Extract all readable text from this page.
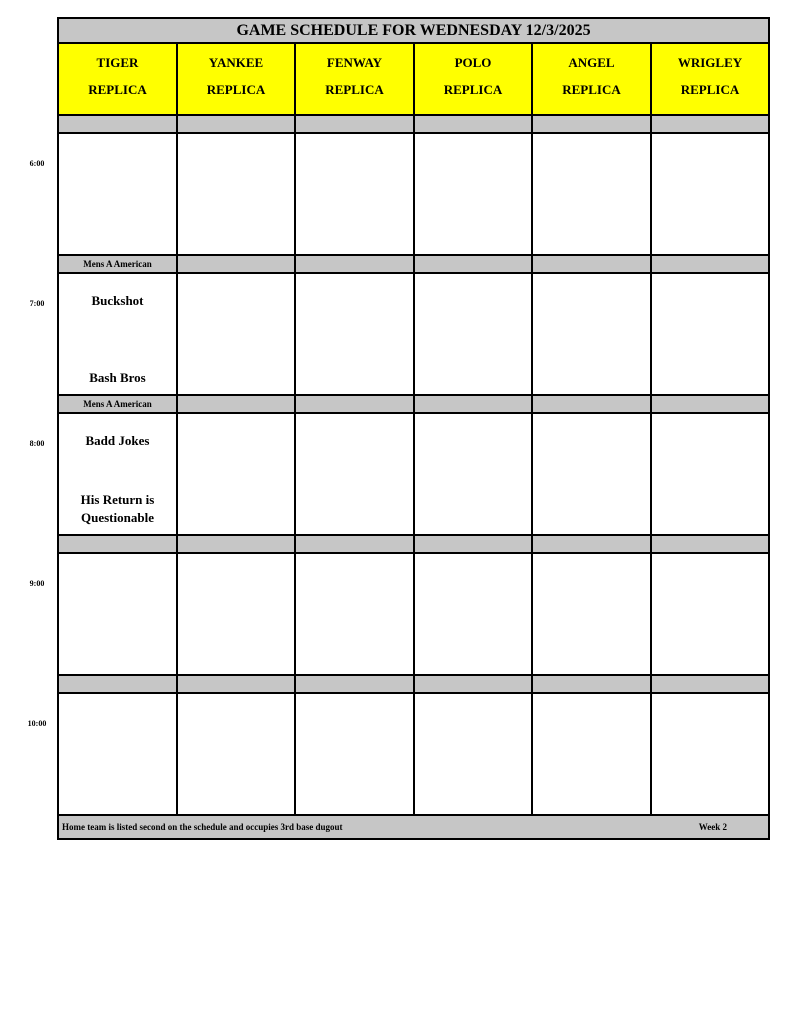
GAME SCHEDULE FOR WEDNESDAY 12/3/2025
TIGER
REPLICA
YANKEE
REPLICA
FENWAY
REPLICA
POLO
REPLICA
ANGEL
REPLICA
WRIGLEY
REPLICA
Mens A American
Buckshot
Bash Bros
Mens A American
Badd Jokes
His Return is Questionable
Home team is listed second on the schedule and occupies 3rd base dugout	Week 2
6:00
7:00
8:00
9:00
10:00
